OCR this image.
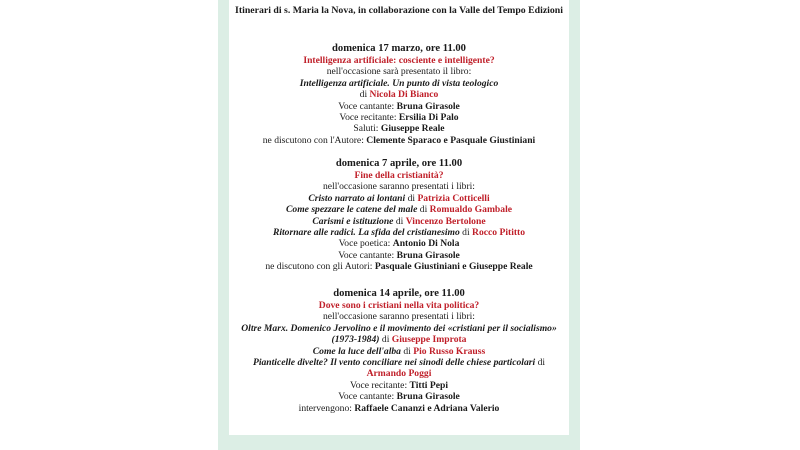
Itinerari di s. Maria la Nova, in collaborazione con la Valle del Tempo Edizioni

domenica 17 marzo, ore 11.00

Intelligenza artificiale: cosciente e intelligente?

nell'occasione sarà presentato il libro:

Intelligenza artificiale. Un punto di vista teologico

di Nicola Di Bianco

Voce cantante: Bruna Girasole

Voce recitante: Ersilia Di Palo

Saluti: Giuseppe Reale

ne discutono con l'Autore: Clemente Sparaco e Pasquale Giustiniani

domenica 7 aprile, ore 11.00

Fine della cristianità?

nell'occasione saranno presentati i libri:

Cristo narrato ai lontani di Patrizia Cotticelli

Come spezzare le catene del male di Romualdo Gambale

Carismi e istituzione di Vincenzo Bertolone

Ritornare alle radici. La sfida del cristianesimo di Rocco Pititto

Voce poetica: Antonio Di Nola

Voce cantante: Bruna Girasole

ne discutono con gli Autori: Pasquale Giustiniani e Giuseppe Reale

domenica 14 aprile, ore 11.00

Dove sono i cristiani nella vita politica?

nell'occasione saranno presentati i libri:

Oltre Marx. Domenico Jervolino e il movimento dei «cristiani per il socialismo»

(1973-1984) di Giuseppe Improta

Come la luce dell'alba di Pio Russo Krauss

Pianticelle divelte? Il vento conciliare nei sinodi delle chiese particolari di

Armando Poggi

Voce recitante: Titti Pepi

Voce cantante: Bruna Girasole

intervengono: Raffaele Cananzi e Adriana Valerio
